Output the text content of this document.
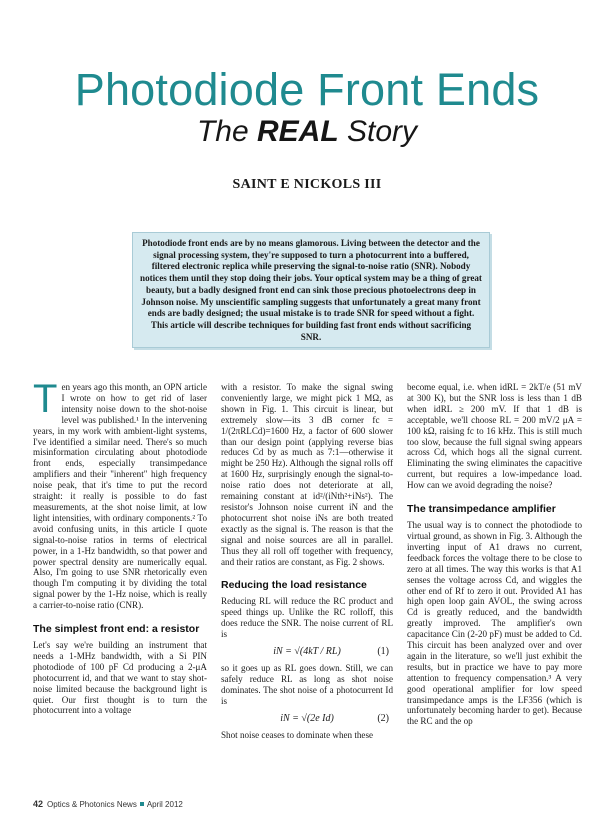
Photodiode Front Ends
The REAL Story
SAINT E NICKOLS III
Photodiode front ends are by no means glamorous. Living between the detector and the signal processing system, they're supposed to turn a photocurrent into a buffered, filtered electronic replica while preserving the signal-to-noise ratio (SNR). Nobody notices them until they stop doing their jobs. Your optical system may be a thing of great beauty, but a badly designed front end can sink those precious photoelectrons deep in Johnson noise. My unscientific sampling suggests that unfortunately a great many front ends are badly designed; the usual mistake is to trade SNR for speed without a fight. This article will describe techniques for building fast front ends without sacrificing SNR.

Ten years ago this month, an OPN article I wrote on how to get rid of laser intensity noise down to the shot-noise level was published.¹ In the intervening years, in my work with ambient-light systems, I've identified a similar need. There's so much misinformation circulating about photodiode front ends, especially transimpedance amplifiers and their "inherent" high frequency noise peak, that it's time to put the record straight: it really is possible to do fast measurements, at the shot noise limit, at low light intensities, with ordinary components.² To avoid confusing units, in this article I quote signal-to-noise ratios in terms of electrical power, in a 1-Hz bandwidth, so that power and power spectral density are numerically equal. Also, I'm going to use SNR rhetorically even though I'm computing it by dividing the total signal power by the 1-Hz noise, which is really a carrier-to-noise ratio (CNR).

The simplest front end: a resistor

Let's say we're building an instrument that needs a 1-MHz bandwidth, with a Si PIN photodiode of 100 pF Cd producing a 2-μA photocurrent id, and that we want to stay shot-noise limited because the background light is quiet. Our first thought is to turn the photocurrent into a voltage

with a resistor. To make the signal swing conveniently large, we might pick 1 MΩ, as shown in Fig. 1. This circuit is linear, but extremely slow—its 3 dB corner fc = 1/(2πRLCd)=1600 Hz, a factor of 600 slower than our design point (applying reverse bias reduces Cd by as much as 7:1—otherwise it might be 250 Hz). Although the signal rolls off at 1600 Hz, surprisingly enough the signal-to-noise ratio does not deteriorate at all, remaining constant at id²/(iNth²+iNs²). The resistor's Johnson noise current iN and the photocurrent shot noise iNs are both treated exactly as the signal is. The reason is that the signal and noise sources are all in parallel. Thus they all roll off together with frequency, and their ratios are constant, as Fig. 2 shows.

Reducing the load resistance

Reducing RL will reduce the RC product and speed things up. Unlike the RC rolloff, this does reduce the SNR. The noise current of RL is

iN = √(4kT / RL)	(1)

so it goes up as RL goes down. Still, we can safely reduce RL as long as shot noise dominates. The shot noise of a photocurrent Id is

iN = √(2e Id)	(2)

Shot noise ceases to dominate when these

become equal, i.e. when idRL = 2kT/e (51 mV at 300 K), but the SNR loss is less than 1 dB when idRL ≥ 200 mV. If that 1 dB is acceptable, we'll choose RL = 200 mV/2 μA = 100 kΩ, raising fc to 16 kHz. This is still much too slow, because the full signal swing appears across Cd, which hogs all the signal current. Eliminating the swing eliminates the capacitive current, but requires a low-impedance load. How can we avoid degrading the noise?

The transimpedance amplifier

The usual way is to connect the photodiode to virtual ground, as shown in Fig. 3. Although the inverting input of A1 draws no current, feedback forces the voltage there to be close to zero at all times. The way this works is that A1 senses the voltage across Cd, and wiggles the other end of Rf to zero it out. Provided A1 has high open loop gain AVOL, the swing across Cd is greatly reduced, and the bandwidth greatly improved. The amplifier's own capacitance Cin (2-20 pF) must be added to Cd. This circuit has been analyzed over and over again in the literature, so we'll just exhibit the results, but in practice we have to pay more attention to frequency compensation.³ A very good operational amplifier for low speed transimpedance amps is the LF356 (which is unfortunately becoming harder to get). Because the RC and the op

42 Optics & Photonics News April 2012
